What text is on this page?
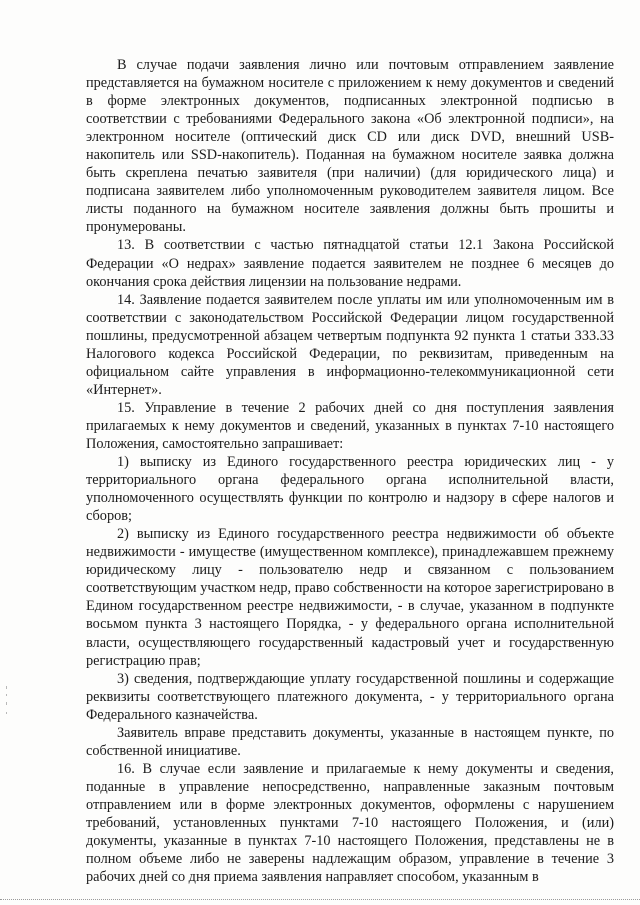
В случае подачи заявления лично или почтовым отправлением заявление представляется на бумажном носителе с приложением к нему документов и сведений в форме электронных документов, подписанных электронной подписью в соответствии с требованиями Федерального закона «Об электронной подписи», на электронном носителе (оптический диск CD или диск DVD, внешний USB-накопитель или SSD-накопитель). Поданная на бумажном носителе заявка должна быть скреплена печатью заявителя (при наличии) (для юридического лица) и подписана заявителем либо уполномоченным руководителем заявителя лицом. Все листы поданного на бумажном носителе заявления должны быть прошиты и пронумерованы.

13. В соответствии с частью пятнадцатой статьи 12.1 Закона Российской Федерации «О недрах» заявление подается заявителем не позднее 6 месяцев до окончания срока действия лицензии на пользование недрами.

14. Заявление подается заявителем после уплаты им или уполномоченным им в соответствии с законодательством Российской Федерации лицом государственной пошлины, предусмотренной абзацем четвертым подпункта 92 пункта 1 статьи 333.33 Налогового кодекса Российской Федерации, по реквизитам, приведенным на официальном сайте управления в информационно-телекоммуникационной сети «Интернет».

15. Управление в течение 2 рабочих дней со дня поступления заявления прилагаемых к нему документов и сведений, указанных в пунктах 7-10 настоящего Положения, самостоятельно запрашивает:

1) выписку из Единого государственного реестра юридических лиц - у территориального органа федерального органа исполнительной власти, уполномоченного осуществлять функции по контролю и надзору в сфере налогов и сборов;

2) выписку из Единого государственного реестра недвижимости об объекте недвижимости - имуществе (имущественном комплексе), принадлежавшем прежнему юридическому лицу - пользователю недр и связанном с пользованием соответствующим участком недр, право собственности на которое зарегистрировано в Едином государственном реестре недвижимости, - в случае, указанном в подпункте восьмом пункта 3 настоящего Порядка, - у федерального органа исполнительной власти, осуществляющего государственный кадастровый учет и государственную регистрацию прав;

3) сведения, подтверждающие уплату государственной пошлины и содержащие реквизиты соответствующего платежного документа, - у территориального органа Федерального казначейства.

Заявитель вправе представить документы, указанные в настоящем пункте, по собственной инициативе.

16. В случае если заявление и прилагаемые к нему документы и сведения, поданные в управление непосредственно, направленные заказным почтовым отправлением или в форме электронных документов, оформлены с нарушением требований, установленных пунктами 7-10 настоящего Положения, и (или) документы, указанные в пунктах 7-10 настоящего Положения, представлены не в полном объеме либо не заверены надлежащим образом, управление в течение 3 рабочих дней со дня приема заявления направляет способом, указанным в
